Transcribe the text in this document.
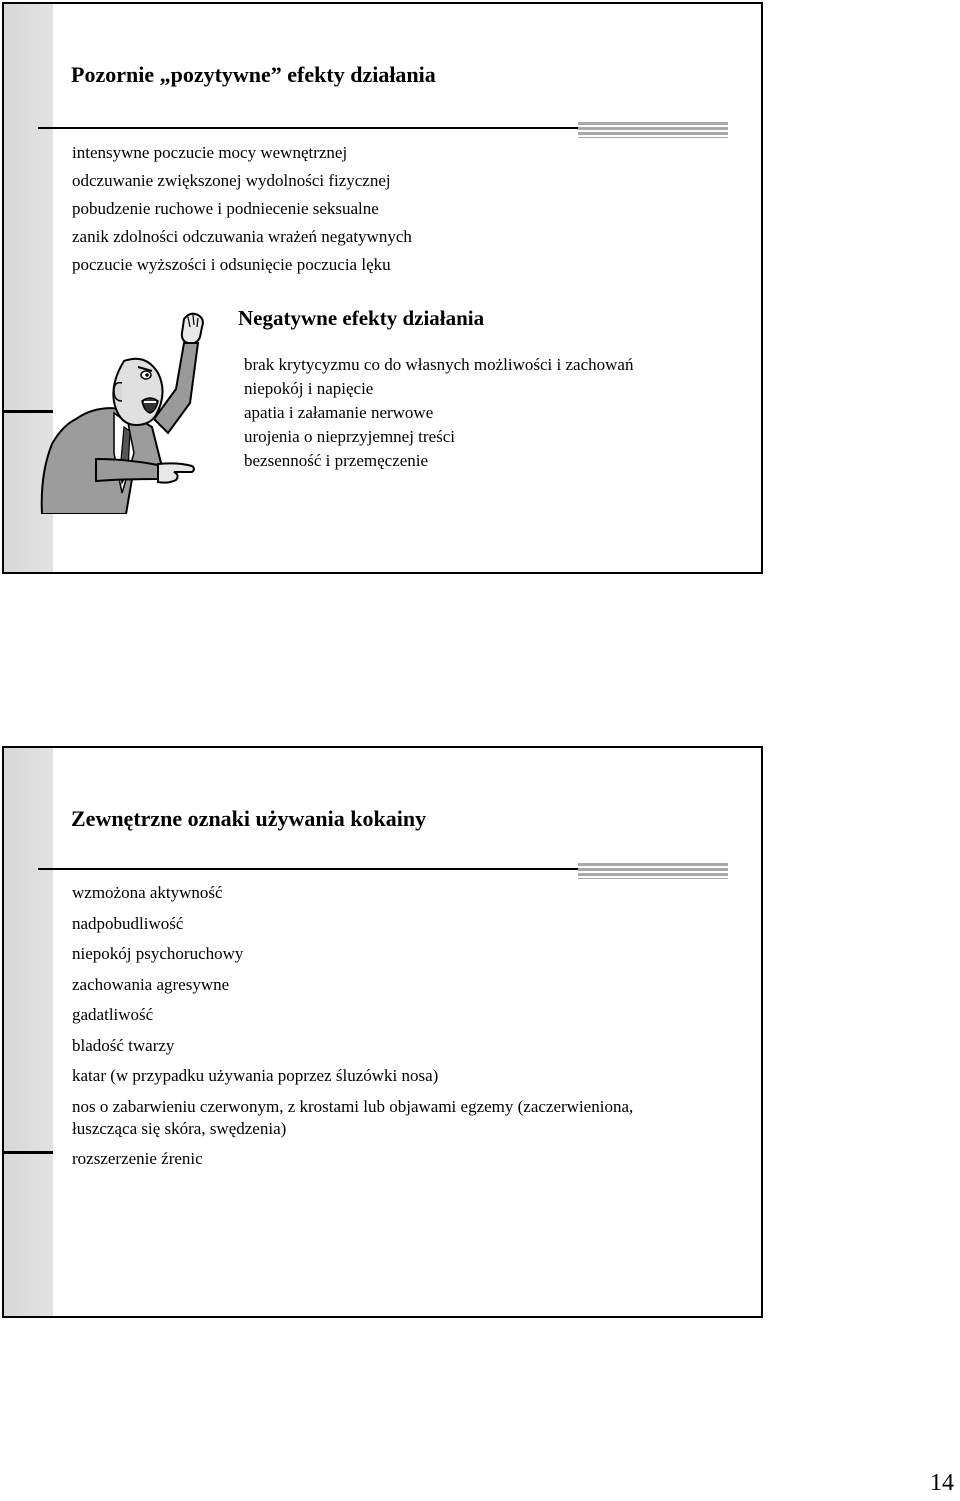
Pozornie „pozytywne” efekty działania
intensywne poczucie mocy wewnętrznej
odczuwanie zwiększonej wydolności fizycznej
pobudzenie ruchowe i podniecenie seksualne
zanik zdolności odczuwania wrażeń negatywnych
poczucie wyższości i odsunięcie poczucia lęku
Negatywne efekty działania
brak krytycyzmu co do własnych możliwości i zachowań
niepokój i napięcie
apatia i załamanie nerwowe
urojenia o nieprzyjemnej treści
bezsenność i przemęczenie
Zewnętrzne oznaki używania kokainy
wzmożona aktywność
nadpobudliwość
niepokój psychoruchowy
zachowania agresywne
gadatliwość
bladość twarzy
katar (w przypadku używania poprzez śluzówki nosa)
nos o zabarwieniu czerwonym, z krostami lub objawami egzemy (zaczerwieniona, łuszcząca się skóra, swędzenia)
rozszerzenie źrenic

14
